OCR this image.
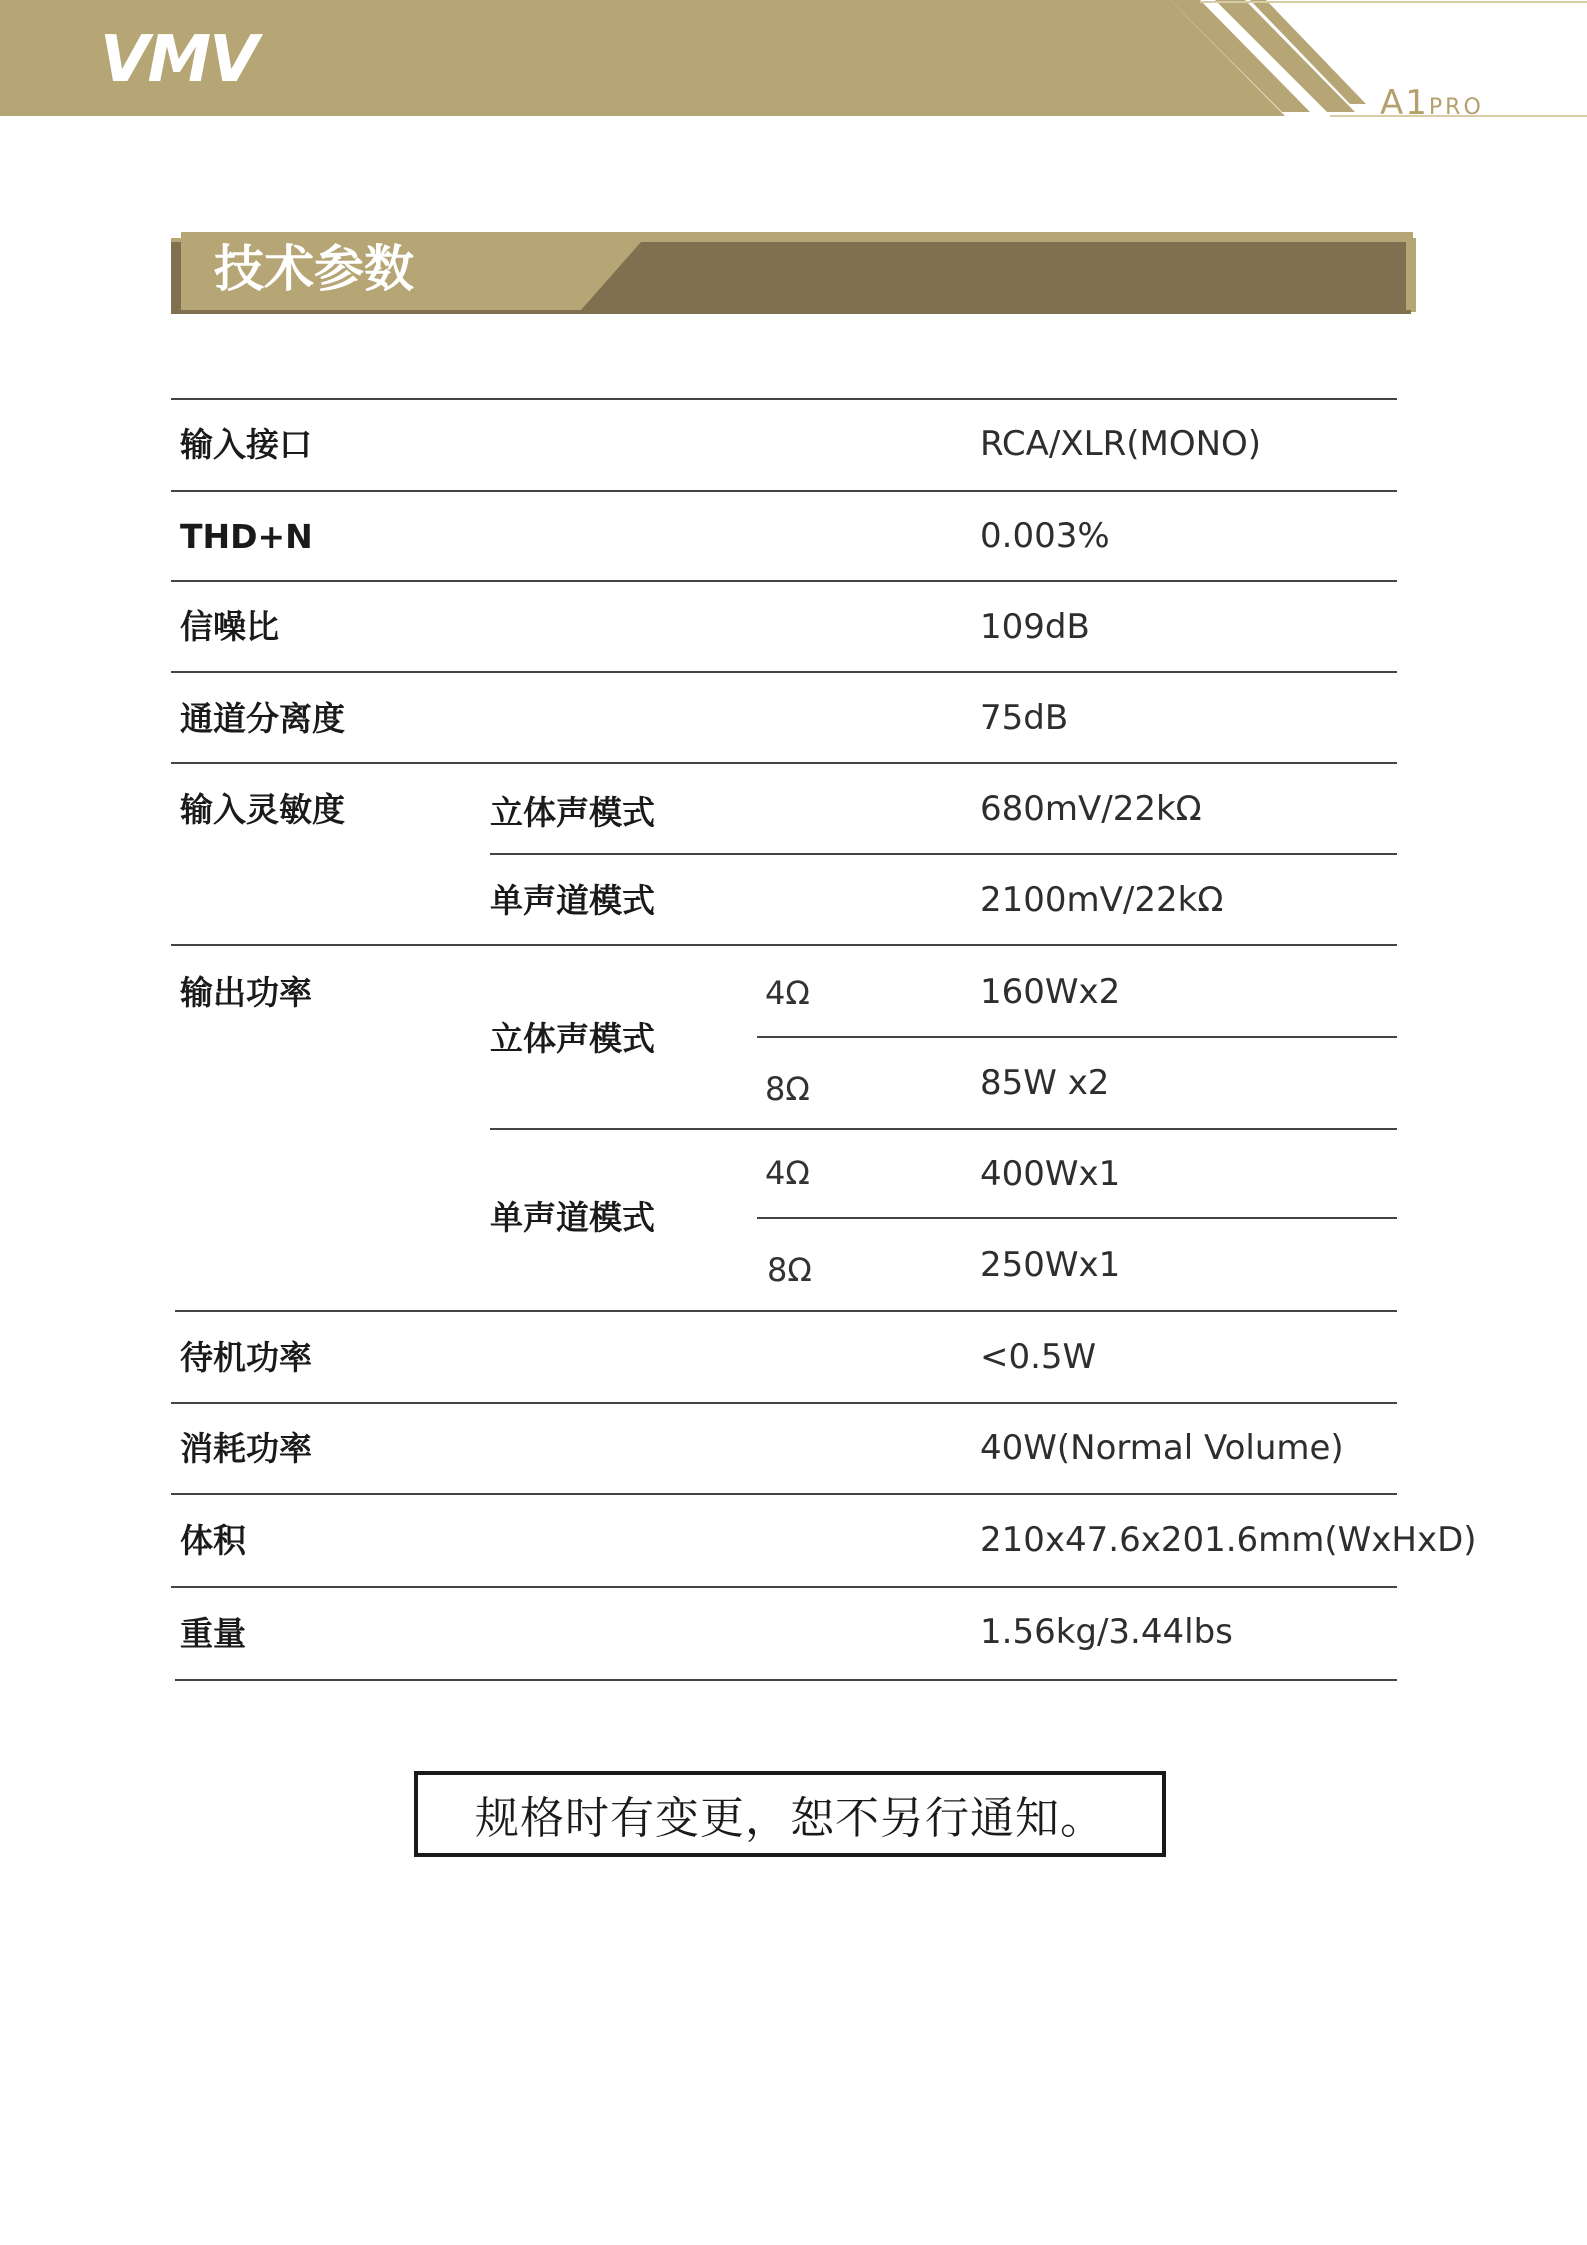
VMV
A1PRO
技术参数
输入接口	RCA/XLR(MONO)
THD+N	0.003%
信噪比	109dB
通道分离度	75dB
输入灵敏度	立体声模式	680mV/22kΩ
单声道模式	2100mV/22kΩ
输出功率
立体声模式
4Ω	160Wx2
8Ω	85W x2
单声道模式
4Ω	400Wx1
8Ω	250Wx1
待机功率	<0.5W
消耗功率	40W(Normal Volume)
体积	210x47.6x201.6mm(WxHxD)
重量	1.56kg/3.44lbs
规格时有变更，恕不另行通知。
